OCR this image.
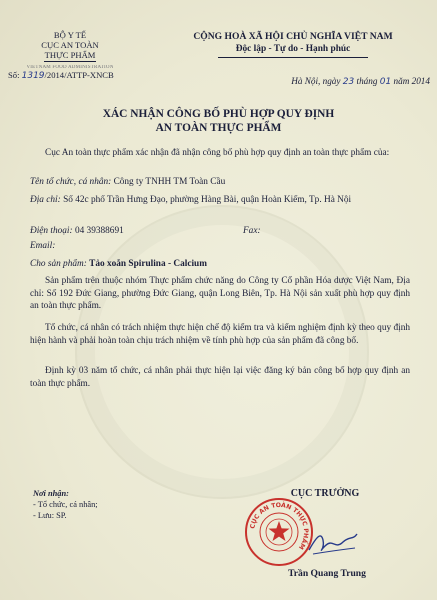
BỘ Y TẾ
CỤC AN TOÀN
THỰC PHẨM
VIETNAM FOOD ADMINISTRATION
Số: 1319/2014/ATTP-XNCB
CỘNG HOÀ XÃ HỘI CHỦ NGHĨA VIỆT NAM
Độc lập - Tự do - Hạnh phúc
Hà Nội, ngày 23 tháng 01 năm 2014
XÁC NHẬN CÔNG BỐ PHÙ HỢP QUY ĐỊNH
AN TOÀN THỰC PHẨM
Cục An toàn thực phẩm xác nhận đã nhận công bố phù hợp quy định an toàn thực phẩm của:
Tên tổ chức, cá nhân: Công ty TNHH TM Toàn Cầu
Địa chỉ: Số 42c phố Trần Hưng Đạo, phường Hàng Bài, quận Hoàn Kiếm, Tp. Hà Nội
Điện thoại: 04 39388691	Fax:
Email:
Cho sản phẩm: Tảo xoắn Spirulina - Calcium
Sản phẩm trên thuộc nhóm Thực phẩm chức năng do Công ty Cổ phần Hóa dược Việt Nam, Địa chỉ: Số 192 Đức Giang, phường Đức Giang, quận Long Biên, Tp. Hà Nội sản xuất phù hợp quy định an toàn thực phẩm.
Tổ chức, cá nhân có trách nhiệm thực hiện chế độ kiểm tra và kiểm nghiệm định kỳ theo quy định hiện hành và phải hoàn toàn chịu trách nhiệm về tính phù hợp của sản phẩm đã công bố.
Định kỳ 03 năm tổ chức, cá nhân phải thực hiện lại việc đăng ký bản công bố hợp quy định an toàn thực phẩm.
Nơi nhận:
- Tổ chức, cá nhân;
- Lưu: SP.
CỤC TRƯỞNG
CỤC AN TOÀN THỰC PHẨM
Trần Quang Trung
